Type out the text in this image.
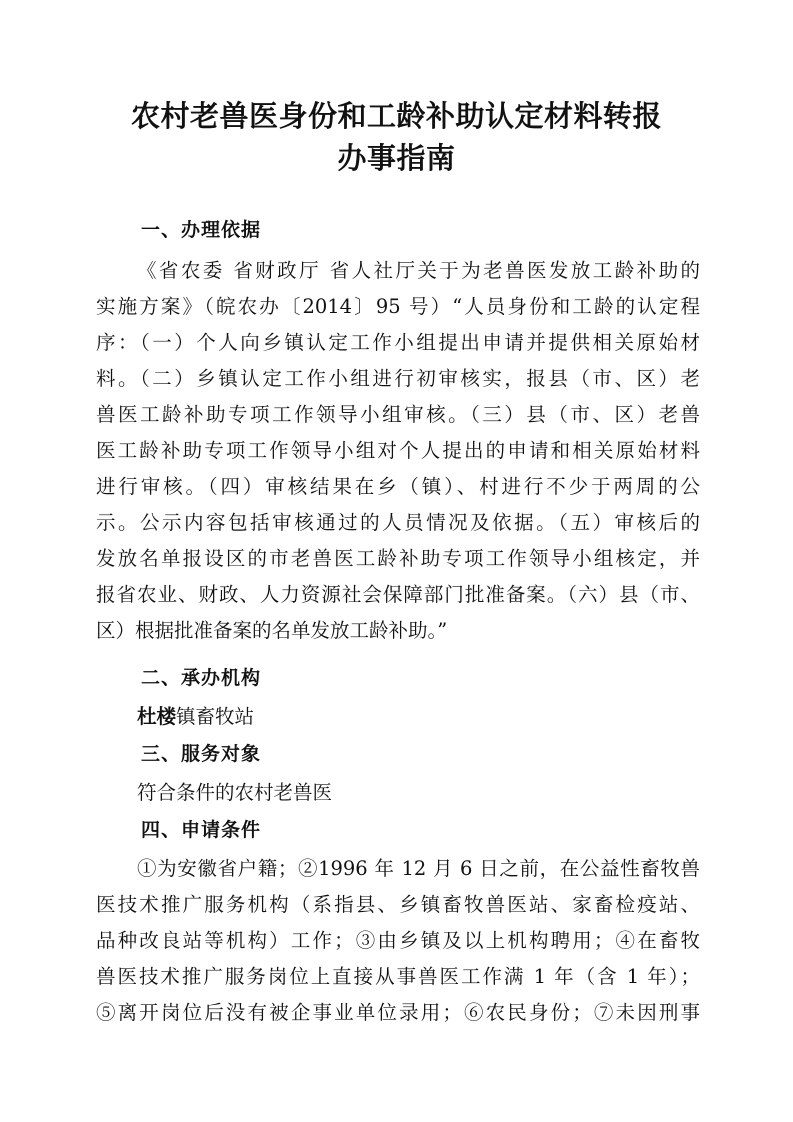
农村老兽医身份和工龄补助认定材料转报
办事指南
一、办理依据
《省农委 省财政厅 省人社厅关于为老兽医发放工龄补助的
实施方案》（皖农办〔2014〕95 号）“人员身份和工龄的认定程
序：（一）个人向乡镇认定工作小组提出申请并提供相关原始材
料。（二）乡镇认定工作小组进行初审核实，报县（市、区）老
兽医工龄补助专项工作领导小组审核。（三）县（市、区）老兽
医工龄补助专项工作领导小组对个人提出的申请和相关原始材料
进行审核。（四）审核结果在乡（镇）、村进行不少于两周的公
示。公示内容包括审核通过的人员情况及依据。（五）审核后的
发放名单报设区的市老兽医工龄补助专项工作领导小组核定，并
报省农业、财政、人力资源社会保障部门批准备案。（六）县（市、
区）根据批准备案的名单发放工龄补助。”
二、承办机构
杜楼镇畜牧站
三、服务对象
符合条件的农村老兽医
四、申请条件
①为安徽省户籍；②1996 年 12 月 6 日之前，在公益性畜牧兽
医技术推广服务机构（系指县、乡镇畜牧兽医站、家畜检疫站、
品种改良站等机构）工作；③由乡镇及以上机构聘用；④在畜牧
兽医技术推广服务岗位上直接从事兽医工作满 1 年（含 1 年）；
⑤离开岗位后没有被企事业单位录用；⑥农民身份；⑦未因刑事
